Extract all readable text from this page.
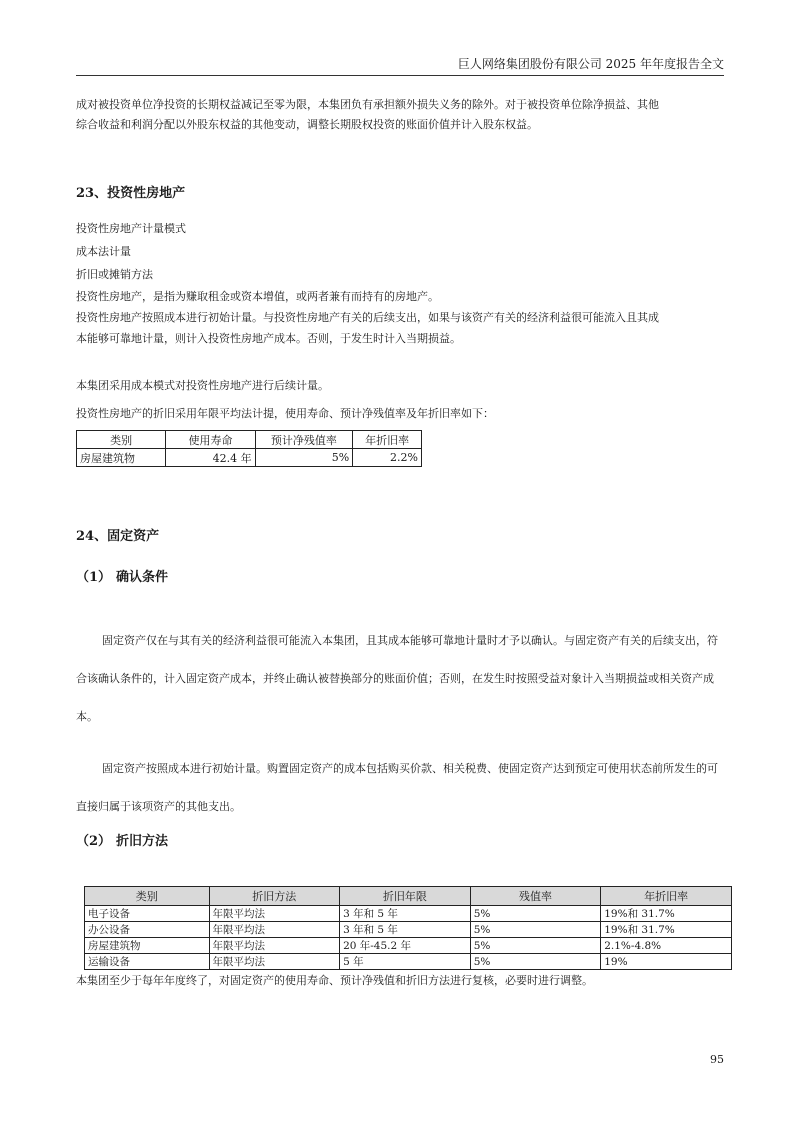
巨人网络集团股份有限公司 2025 年年度报告全文
成对被投资单位净投资的长期权益减记至零为限，本集团负有承担额外损失义务的除外。对于被投资单位除净损益、其他
综合收益和利润分配以外股东权益的其他变动，调整长期股权投资的账面价值并计入股东权益。
23、投资性房地产
投资性房地产计量模式
成本法计量
折旧或摊销方法
投资性房地产，是指为赚取租金或资本增值，或两者兼有而持有的房地产。
投资性房地产按照成本进行初始计量。与投资性房地产有关的后续支出，如果与该资产有关的经济利益很可能流入且其成
本能够可靠地计量，则计入投资性房地产成本。否则，于发生时计入当期损益。
本集团采用成本模式对投资性房地产进行后续计量。
投资性房地产的折旧采用年限平均法计提，使用寿命、预计净残值率及年折旧率如下：
类别	使用寿命	预计净残值率	年折旧率
房屋建筑物	42.4 年	5%	2.2%
24、固定资产
（1） 确认条件
固定资产仅在与其有关的经济利益很可能流入本集团，且其成本能够可靠地计量时才予以确认。与固定资产有关的后续支出，符合该确认条件的，计入固定资产成本，并终止确认被替换部分的账面价值；否则，在发生时按照受益对象计入当期损益或相关资产成本。
固定资产按照成本进行初始计量。购置固定资产的成本包括购买价款、相关税费、使固定资产达到预定可使用状态前所发生的可直接归属于该项资产的其他支出。
（2） 折旧方法
类别	折旧方法	折旧年限	残值率	年折旧率
电子设备	年限平均法	3 年和 5 年	5%	19%和 31.7%
办公设备	年限平均法	3 年和 5 年	5%	19%和 31.7%
房屋建筑物	年限平均法	20 年-45.2 年	5%	2.1%-4.8%
运输设备	年限平均法	5 年	5%	19%
本集团至少于每年年度终了，对固定资产的使用寿命、预计净残值和折旧方法进行复核，必要时进行调整。
95
